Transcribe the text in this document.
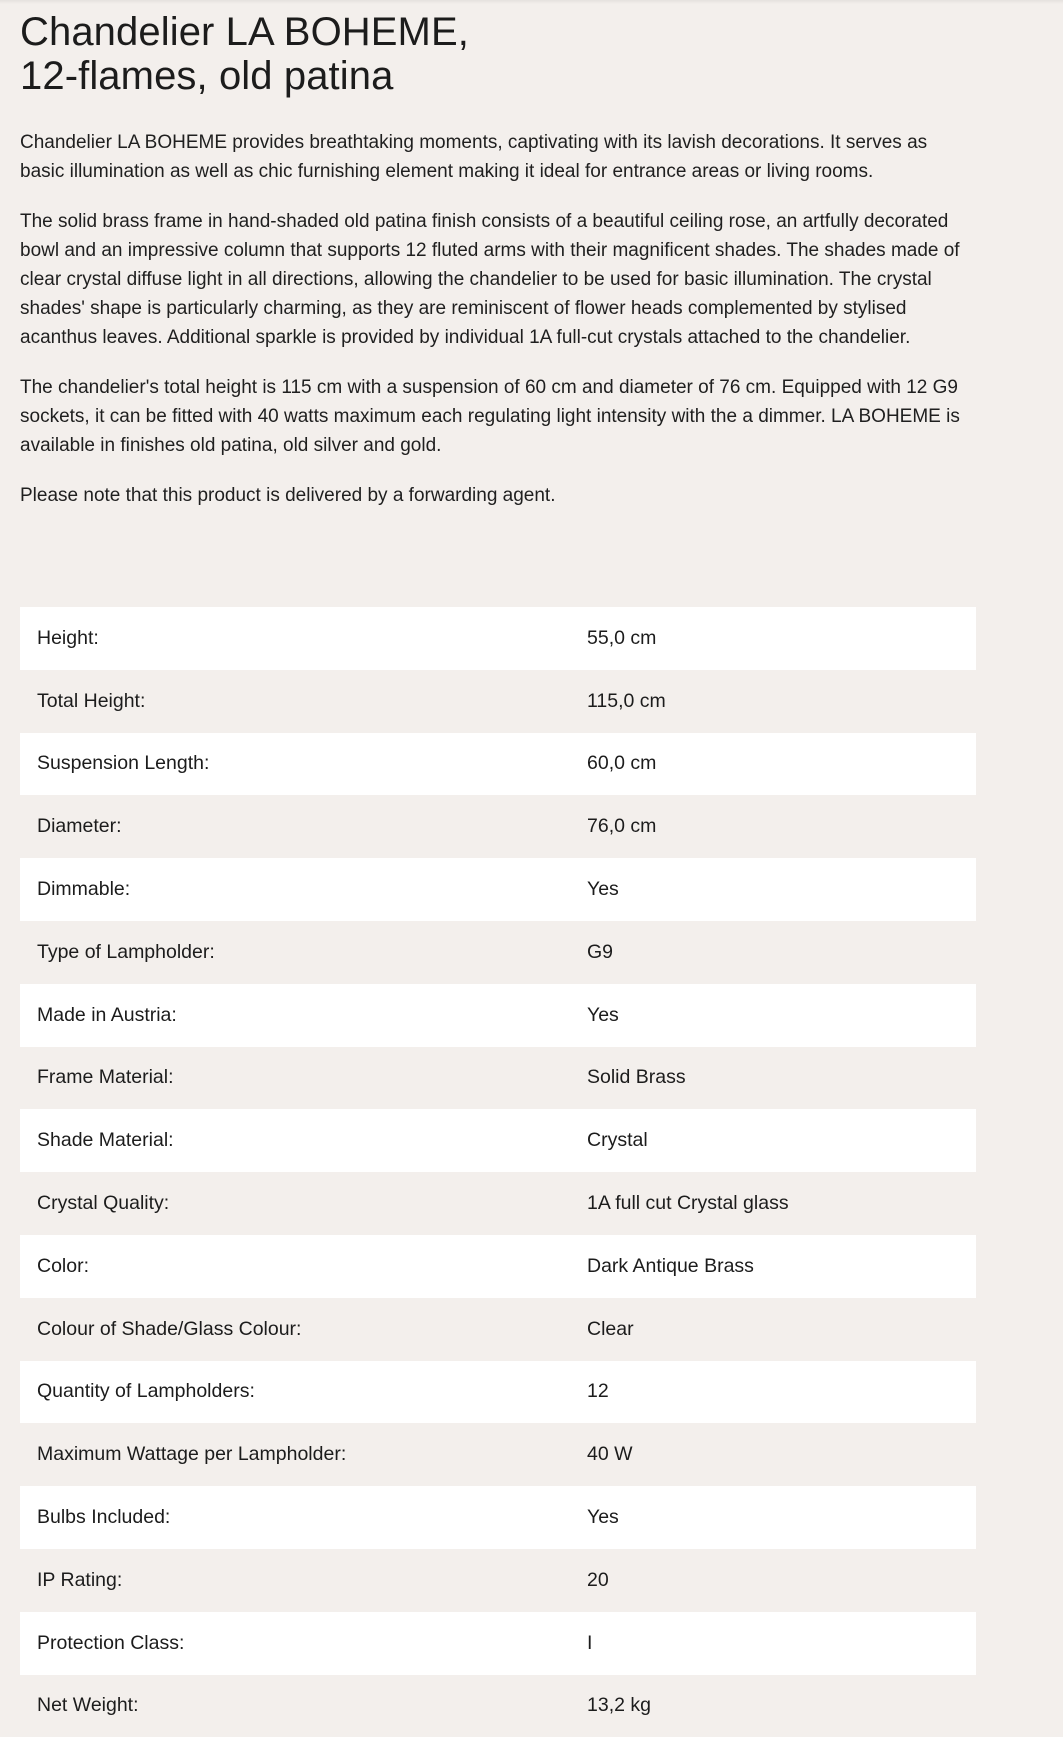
Chandelier LA BOHEME,
12-flames, old patina

Chandelier LA BOHEME provides breathtaking moments, captivating with its lavish decorations. It serves as basic illumination as well as chic furnishing element making it ideal for entrance areas or living rooms.

The solid brass frame in hand-shaded old patina finish consists of a beautiful ceiling rose, an artfully decorated bowl and an impressive column that supports 12 fluted arms with their magnificent shades. The shades made of clear crystal diffuse light in all directions, allowing the chandelier to be used for basic illumination. The crystal shades' shape is particularly charming, as they are reminiscent of flower heads complemented by stylised acanthus leaves. Additional sparkle is provided by individual 1A full-cut crystals attached to the chandelier.

The chandelier's total height is 115 cm with a suspension of 60 cm and diameter of 76 cm. Equipped with 12 G9 sockets, it can be fitted with 40 watts maximum each regulating light intensity with the a dimmer. LA BOHEME is available in finishes old patina, old silver and gold.

Please note that this product is delivered by a forwarding agent.

Height:	55,0 cm
Total Height:	115,0 cm
Suspension Length:	60,0 cm
Diameter:	76,0 cm
Dimmable:	Yes
Type of Lampholder:	G9
Made in Austria:	Yes
Frame Material:	Solid Brass
Shade Material:	Crystal
Crystal Quality:	1A full cut Crystal glass
Color:	Dark Antique Brass
Colour of Shade/Glass Colour:	Clear
Quantity of Lampholders:	12
Maximum Wattage per Lampholder:	40 W
Bulbs Included:	Yes
IP Rating:	20
Protection Class:	I
Net Weight:	13,2 kg
